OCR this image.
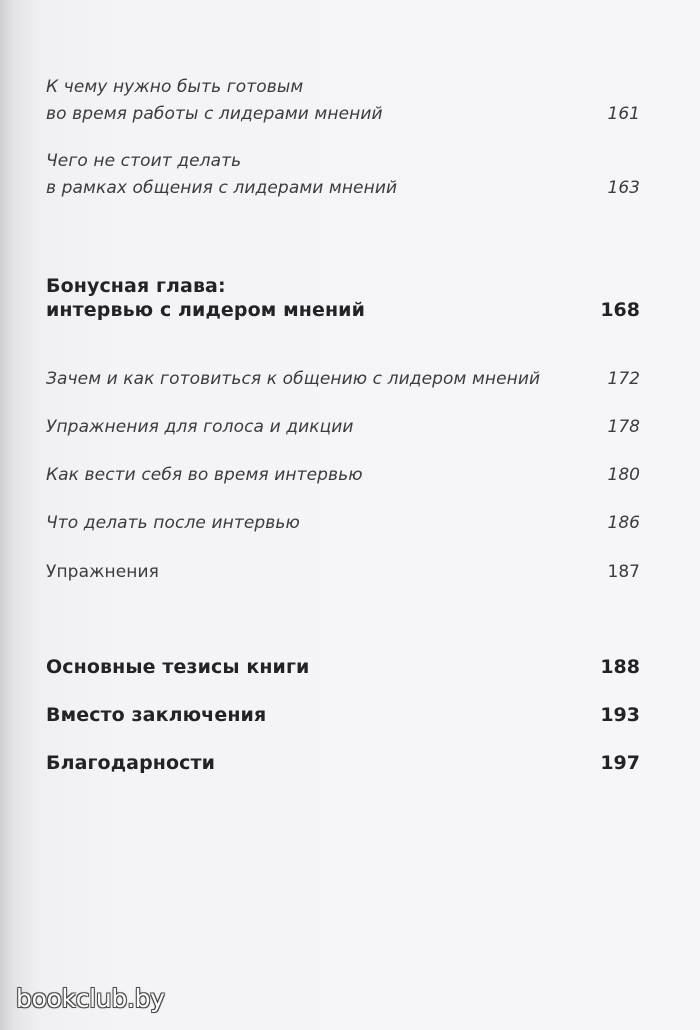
К чему нужно быть готовым
во время работы с лидерами мнений	161
Чего не стоит делать
в рамках общения с лидерами мнений	163
Бонусная глава:
интервью с лидером мнений	168
Зачем и как готовиться к общению с лидером мнений	172
Упражнения для голоса и дикции	178
Как вести себя во время интервью	180
Что делать после интервью	186
Упражнения	187
Основные тезисы книги	188
Вместо заключения	193
Благодарности	197
bookclub.by
